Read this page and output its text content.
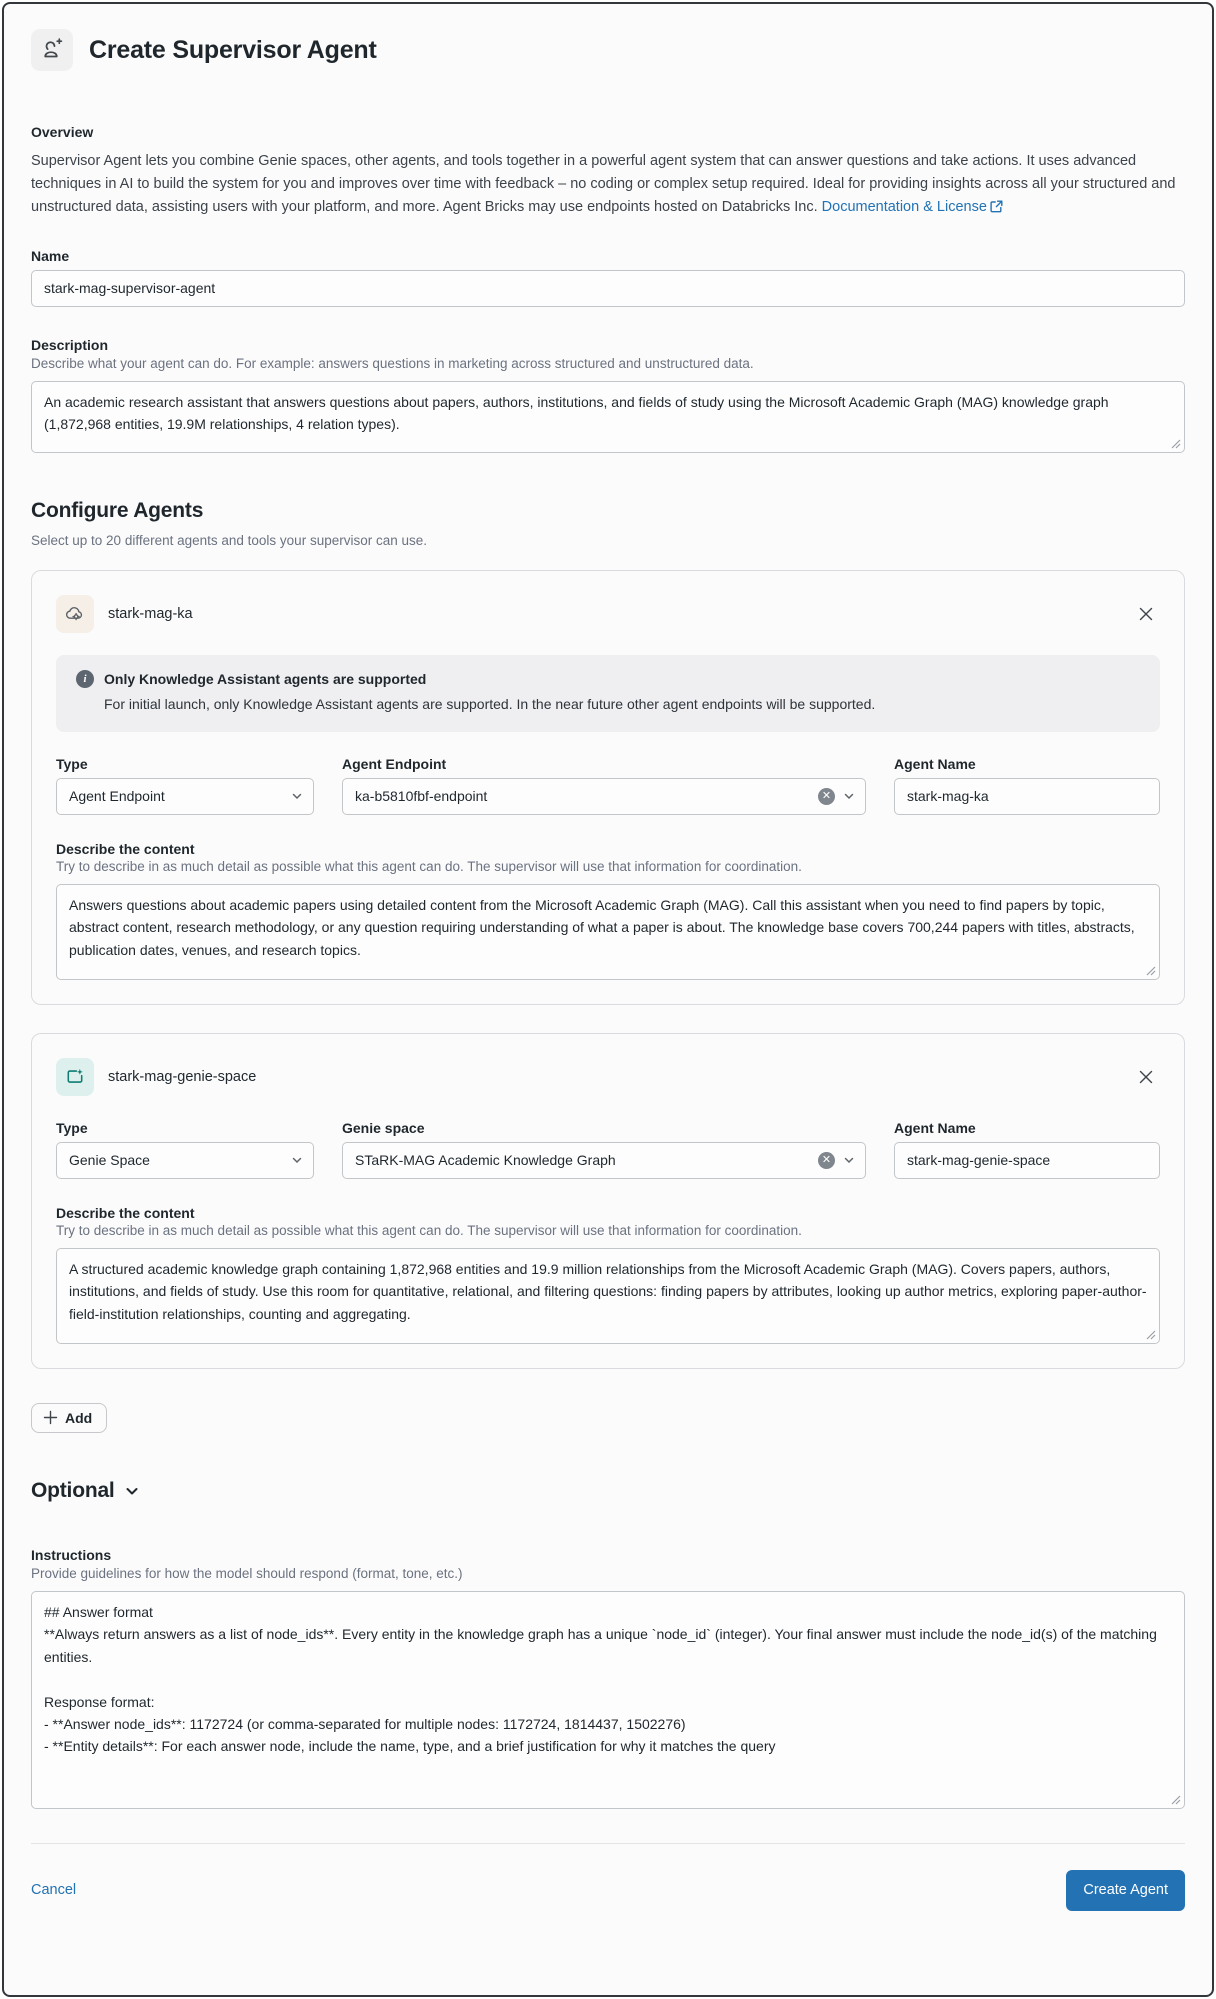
Create Supervisor Agent
Overview

Supervisor Agent lets you combine Genie spaces, other agents, and tools together in a powerful agent system that can answer questions and take actions. It uses advanced techniques in AI to build the system for you and improves over time with feedback – no coding or complex setup required. Ideal for providing insights across all your structured and unstructured data, assisting users with your platform, and more. Agent Bricks may use endpoints hosted on Databricks Inc. Documentation & License

Name
stark-mag-supervisor-agent
Description
Describe what your agent can do. For example: answers questions in marketing across structured and unstructured data.
An academic research assistant that answers questions about papers, authors, institutions, and fields of study using the Microsoft Academic Graph (MAG) knowledge graph (1,872,968 entities, 19.9M relationships, 4 relation types).
Configure Agents
Select up to 20 different agents and tools your supervisor can use.
stark-mag-ka
i	Only Knowledge Assistant agents are supported
For initial launch, only Knowledge Assistant agents are supported. In the near future other agent endpoints will be supported.
Type
Agent Endpoint
Agent Endpoint
ka-b5810fbf-endpoint	✕
Agent Name
stark-mag-ka
Describe the content
Try to describe in as much detail as possible what this agent can do. The supervisor will use that information for coordination.
Answers questions about academic papers using detailed content from the Microsoft Academic Graph (MAG). Call this assistant when you need to find papers by topic, abstract content, research methodology, or any question requiring understanding of what a paper is about. The knowledge base covers 700,244 papers with titles, abstracts, publication dates, venues, and research topics.
stark-mag-genie-space
Type
Genie Space
Genie space
STaRK-MAG Academic Knowledge Graph	✕
Agent Name
stark-mag-genie-space
Describe the content
Try to describe in as much detail as possible what this agent can do. The supervisor will use that information for coordination.
A structured academic knowledge graph containing 1,872,968 entities and 19.9 million relationships from the Microsoft Academic Graph (MAG). Covers papers, authors, institutions, and fields of study. Use this room for quantitative, relational, and filtering questions: finding papers by attributes, looking up author metrics, exploring paper-author-field-institution relationships, counting and aggregating.
Add
Optional
Instructions
Provide guidelines for how the model should respond (format, tone, etc.)
## Answer format **Always return answers as a list of node_ids**. Every entity in the knowledge graph has a unique `node_id` (integer). Your final answer must include the node_id(s) of the matching entities. Response format: - **Answer node_ids**: 1172724 (or comma-separated for multiple nodes: 1172724, 1814437, 1502276) - **Entity details**: For each answer node, include the name, type, and a brief justification for why it matches the query
Cancel	Create Agent
